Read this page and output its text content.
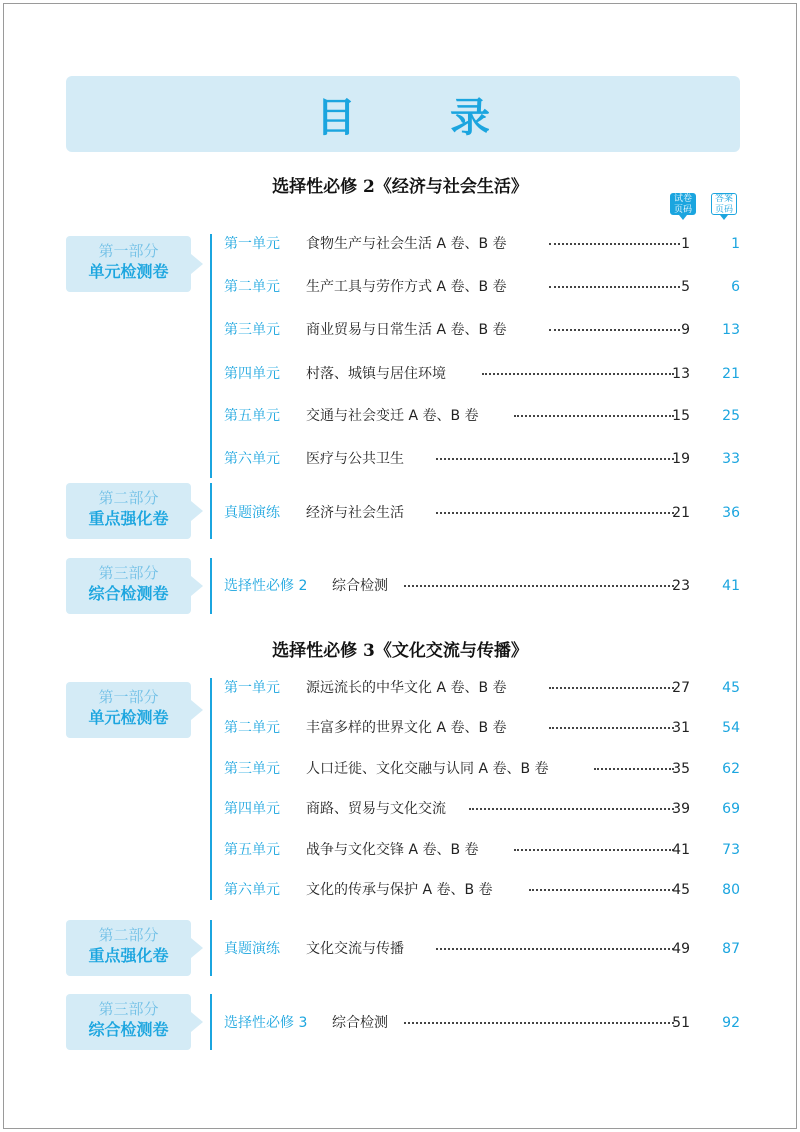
目 录
选择性必修 2《经济与社会生活》
试卷
页码
答案
页码
第一部分
单元检测卷
第二部分
重点强化卷
第三部分
综合检测卷
第一单元 食物生产与社会生活 A 卷、B 卷	1	1
第二单元 生产工具与劳作方式 A 卷、B 卷	5	6
第三单元 商业贸易与日常生活 A 卷、B 卷	9	13
第四单元 村落、城镇与居住环境	13	21
第五单元 交通与社会变迁 A 卷、B 卷	15	25
第六单元 医疗与公共卫生	19	33
真题演练 经济与社会生活	21	36
选择性必修 2 综合检测	23	41
选择性必修 3《文化交流与传播》
第一部分
单元检测卷
第二部分
重点强化卷
第三部分
综合检测卷
第一单元 源远流长的中华文化 A 卷、B 卷	27	45
第二单元 丰富多样的世界文化 A 卷、B 卷	31	54
第三单元 人口迁徙、文化交融与认同 A 卷、B 卷	35	62
第四单元 商路、贸易与文化交流	39	69
第五单元 战争与文化交锋 A 卷、B 卷	41	73
第六单元 文化的传承与保护 A 卷、B 卷	45	80
真题演练 文化交流与传播	49	87
选择性必修 3 综合检测	51	92
